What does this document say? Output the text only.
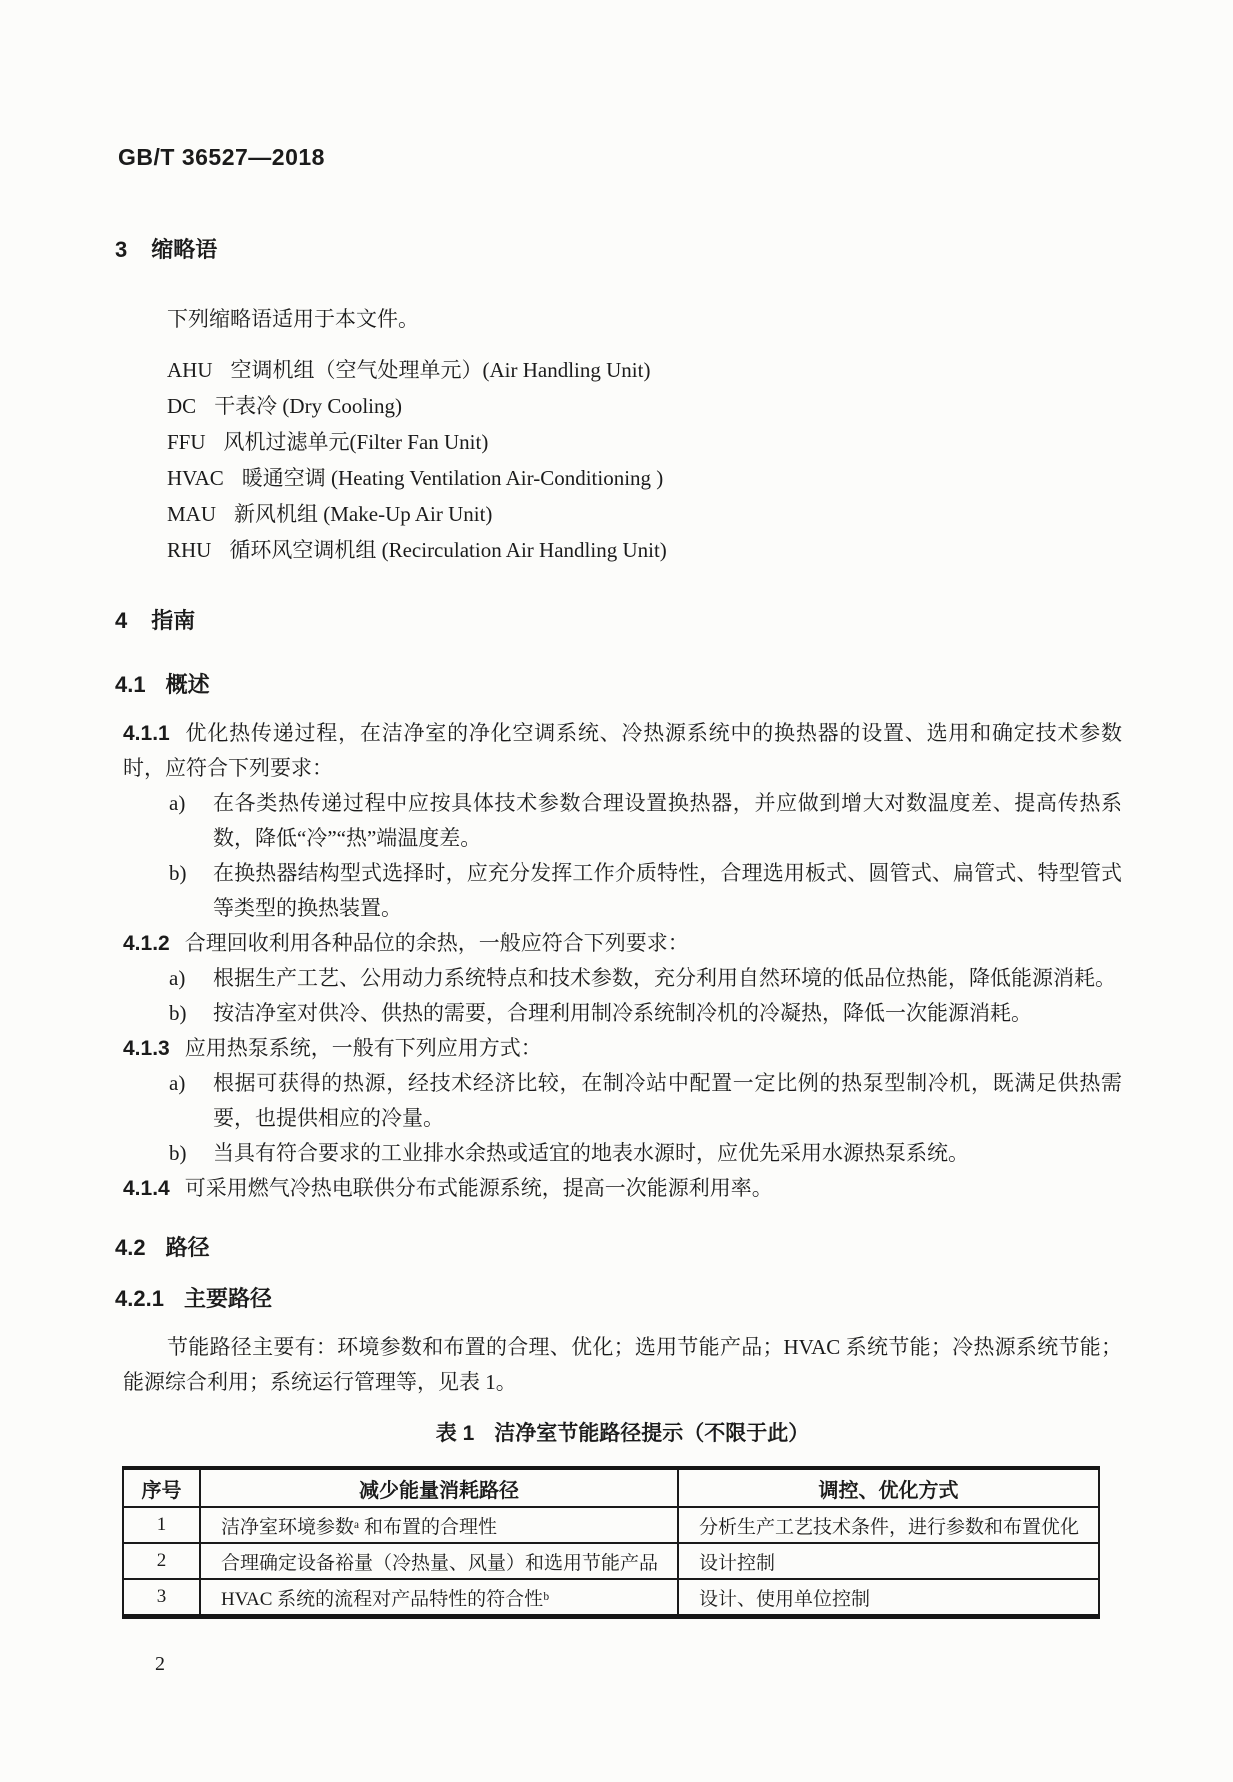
GB/T 36527—2018
3 缩略语

下列缩略语适用于本文件。

AHU 空调机组（空气处理单元）(Air Handling Unit)
DC 干表冷 (Dry Cooling)
FFU 风机过滤单元(Filter Fan Unit)
HVAC 暖通空调 (Heating Ventilation Air-Conditioning )
MAU 新风机组 (Make-Up Air Unit)
RHU 循环风空调机组 (Recirculation Air Handling Unit)
4 指南
4.1 概述

4.1.1 优化热传递过程，在洁净室的净化空调系统、冷热源系统中的换热器的设置、选用和确定技术参数时，应符合下列要求：

a) 在各类热传递过程中应按具体技术参数合理设置换热器，并应做到增大对数温度差、提高传热系数，降低“冷”“热”端温度差。
b) 在换热器结构型式选择时，应充分发挥工作介质特性，合理选用板式、圆管式、扁管式、特型管式等类型的换热装置。

4.1.2 合理回收利用各种品位的余热，一般应符合下列要求：

a) 根据生产工艺、公用动力系统特点和技术参数，充分利用自然环境的低品位热能，降低能源消耗。
b) 按洁净室对供冷、供热的需要，合理利用制冷系统制冷机的冷凝热，降低一次能源消耗。

4.1.3 应用热泵系统，一般有下列应用方式：

a) 根据可获得的热源，经技术经济比较，在制冷站中配置一定比例的热泵型制冷机，既满足供热需要，也提供相应的冷量。
b) 当具有符合要求的工业排水余热或适宜的地表水源时，应优先采用水源热泵系统。

4.1.4 可采用燃气冷热电联供分布式能源系统，提高一次能源利用率。

4.2 路径
4.2.1 主要路径

节能路径主要有：环境参数和布置的合理、优化；选用节能产品；HVAC 系统节能；冷热源系统节能；能源综合利用；系统运行管理等，见表 1。

表 1 洁净室节能路径提示（不限于此）
序号	减少能量消耗路径	调控、优化方式
1	洁净室环境参数ᵃ 和布置的合理性	分析生产工艺技术条件，进行参数和布置优化
2	合理确定设备裕量（冷热量、风量）和选用节能产品	设计控制
3	HVAC 系统的流程对产品特性的符合性ᵇ	设计、使用单位控制
2
